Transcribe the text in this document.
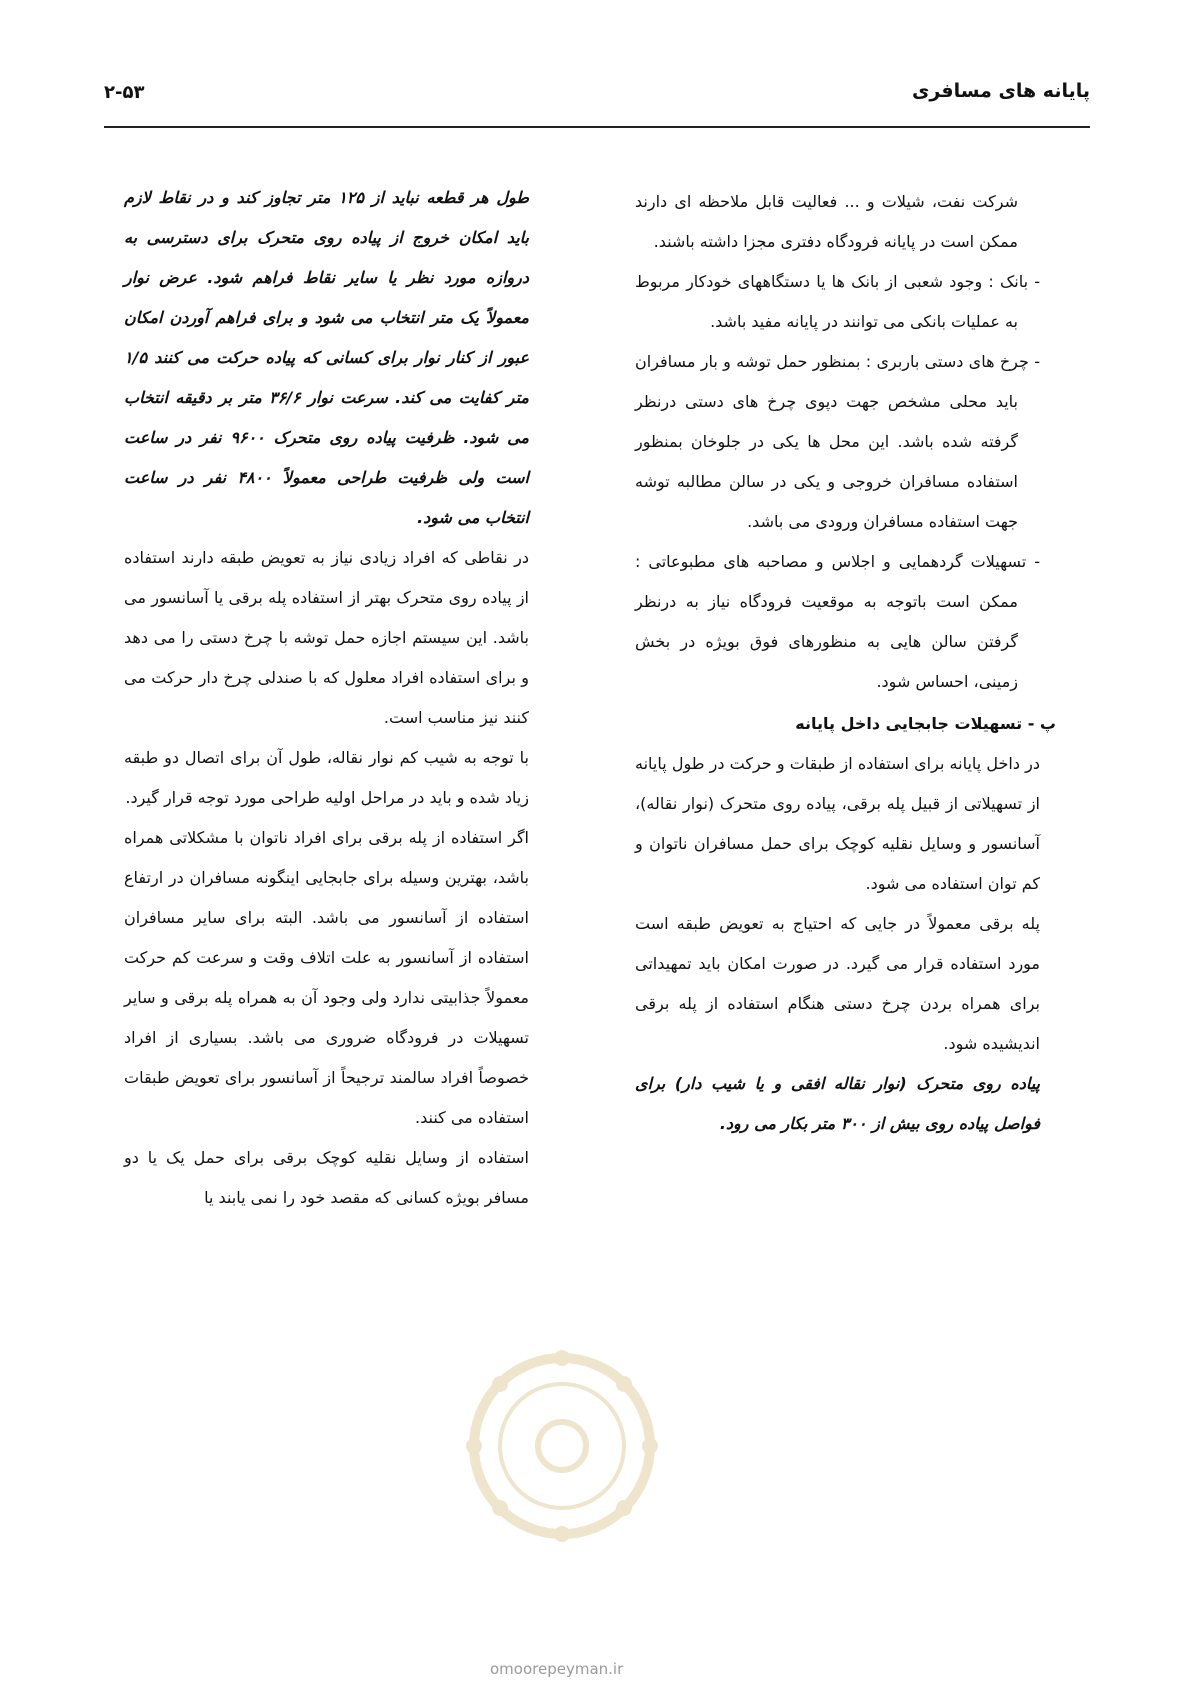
پایانه های مسافری
۲-۵۳

شرکت نفت، شیلات و ... فعالیت قابل ملاحظه ای دارند ممکن است در پایانه فرودگاه دفتری مجزا داشته باشند.

- بانک : وجود شعبی از بانک ها یا دستگاههای خودکار مربوط به عملیات بانکی می توانند در پایانه مفید باشد.

- چرخ های دستی باربری : بمنظور حمل توشه و بار مسافران باید محلی مشخص جهت دپوی چرخ های دستی درنظر گرفته شده باشد. این محل ها یکی در جلوخان بمنظور استفاده مسافران خروجی و یکی در سالن مطالبه توشه جهت استفاده مسافران ورودی می باشد.

- تسهیلات گردهمایی و اجلاس و مصاحبه های مطبوعاتی : ممکن است باتوجه به موقعیت فرودگاه نیاز به درنظر گرفتن سالن هایی به منظورهای فوق بویژه در بخش زمینی، احساس شود.

پ - تسهیلات جابجایی داخل پایانه

در داخل پایانه برای استفاده از طبقات و حرکت در طول پایانه از تسهیلاتی از قبیل پله برقی، پیاده روی متحرک (نوار نقاله)، آسانسور و وسایل نقلیه کوچک برای حمل مسافران ناتوان و کم توان استفاده می شود.

پله برقی معمولاً در جایی که احتیاج به تعویض طبقه است مورد استفاده قرار می گیرد. در صورت امکان باید تمهیداتی برای همراه بردن چرخ دستی هنگام استفاده از پله برقی اندیشیده شود.

پیاده روی متحرک (نوار نقاله افقی و یا شیب دار) برای فواصل پیاده روی بیش از ۳۰۰ متر بکار می رود.

طول هر قطعه نباید از ۱۲۵ متر تجاوز کند و در نقاط لازم باید امکان خروج از پیاده روی متحرک برای دسترسی به دروازه مورد نظر یا سایر نقاط فراهم شود. عرض نوار معمولاً یک متر انتخاب می شود و برای فراهم آوردن امکان عبور از کنار نوار برای کسانی که پیاده حرکت می کنند ۱/۵ متر کفایت می کند. سرعت نوار ۳۶/۶ متر بر دقیقه انتخاب می شود. ظرفیت پیاده روی متحرک ۹۶۰۰ نفر در ساعت است ولی ظرفیت طراحی معمولاً ۴۸۰۰ نفر در ساعت انتخاب می شود.

در نقاطی که افراد زیادی نیاز به تعویض طبقه دارند استفاده از پیاده روی متحرک بهتر از استفاده پله برقی یا آسانسور می باشد. این سیستم اجازه حمل توشه با چرخ دستی را می دهد و برای استفاده افراد معلول که با صندلی چرخ دار حرکت می کنند نیز مناسب است.

با توجه به شیب کم نوار نقاله، طول آن برای اتصال دو طبقه زیاد شده و باید در مراحل اولیه طراحی مورد توجه قرار گیرد.

اگر استفاده از پله برقی برای افراد ناتوان با مشکلاتی همراه باشد، بهترین وسیله برای جابجایی اینگونه مسافران در ارتفاع استفاده از آسانسور می باشد. البته برای سایر مسافران استفاده از آسانسور به علت اتلاف وقت و سرعت کم حرکت معمولاً جذابیتی ندارد ولی وجود آن به همراه پله برقی و سایر تسهیلات در فرودگاه ضروری می باشد. بسیاری از افراد خصوصاً افراد سالمند ترجیحاً از آسانسور برای تعویض طبقات استفاده می کنند.

استفاده از وسایل نقلیه کوچک برقی برای حمل یک یا دو مسافر بویژه کسانی که مقصد خود را نمی یابند یا

omoorepeyman.ir
